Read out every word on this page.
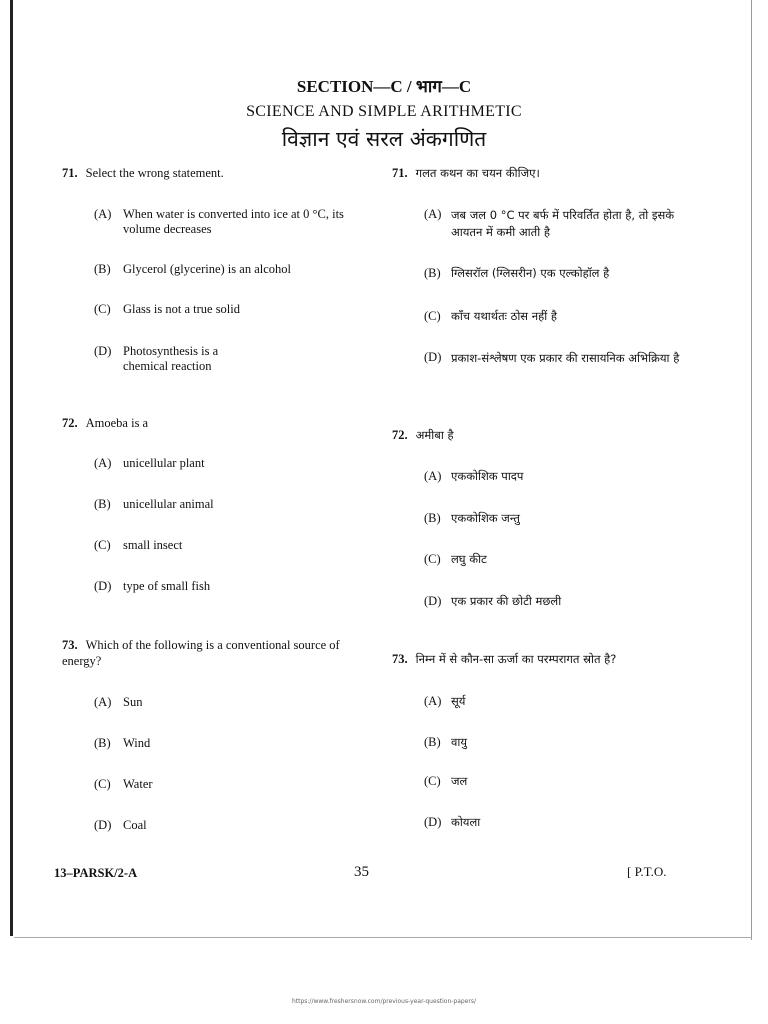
SECTION—C / भाग—C
SCIENCE AND SIMPLE ARITHMETIC
विज्ञान एवं सरल अंकगणित
71. Select the wrong statement.
(A) When water is converted into ice at 0 °C, its volume decreases
(B) Glycerol (glycerine) is an alcohol
(C) Glass is not a true solid
(D) Photosynthesis is a chemical reaction
72. Amoeba is a
(A) unicellular plant
(B) unicellular animal
(C) small insect
(D) type of small fish
73. Which of the following is a conventional source of energy?
(A) Sun
(B) Wind
(C) Water
(D) Coal
71. गलत कथन का चयन कीजिए।
(A) जब जल 0 °C पर बर्फ में परिवर्तित होता है, तो इसके आयतन में कमी आती है
(B) ग्लिसरॉल (ग्लिसरीन) एक एल्कोहॉल है
(C) काँच यथार्थतः ठोस नहीं है
(D) प्रकाश-संश्लेषण एक प्रकार की रासायनिक अभिक्रिया है
72. अमीबा है
(A) एककोशिक पादप
(B) एककोशिक जन्तु
(C) लघु कीट
(D) एक प्रकार की छोटी मछली
73. निम्न में से कौन-सा ऊर्जा का परम्परागत स्रोत है?
(A) सूर्य
(B) वायु
(C) जल
(D) कोयला
13–PARSK/2-A	35	[ P.T.O.
https://www.freshersnow.com/previous-year-question-papers/
